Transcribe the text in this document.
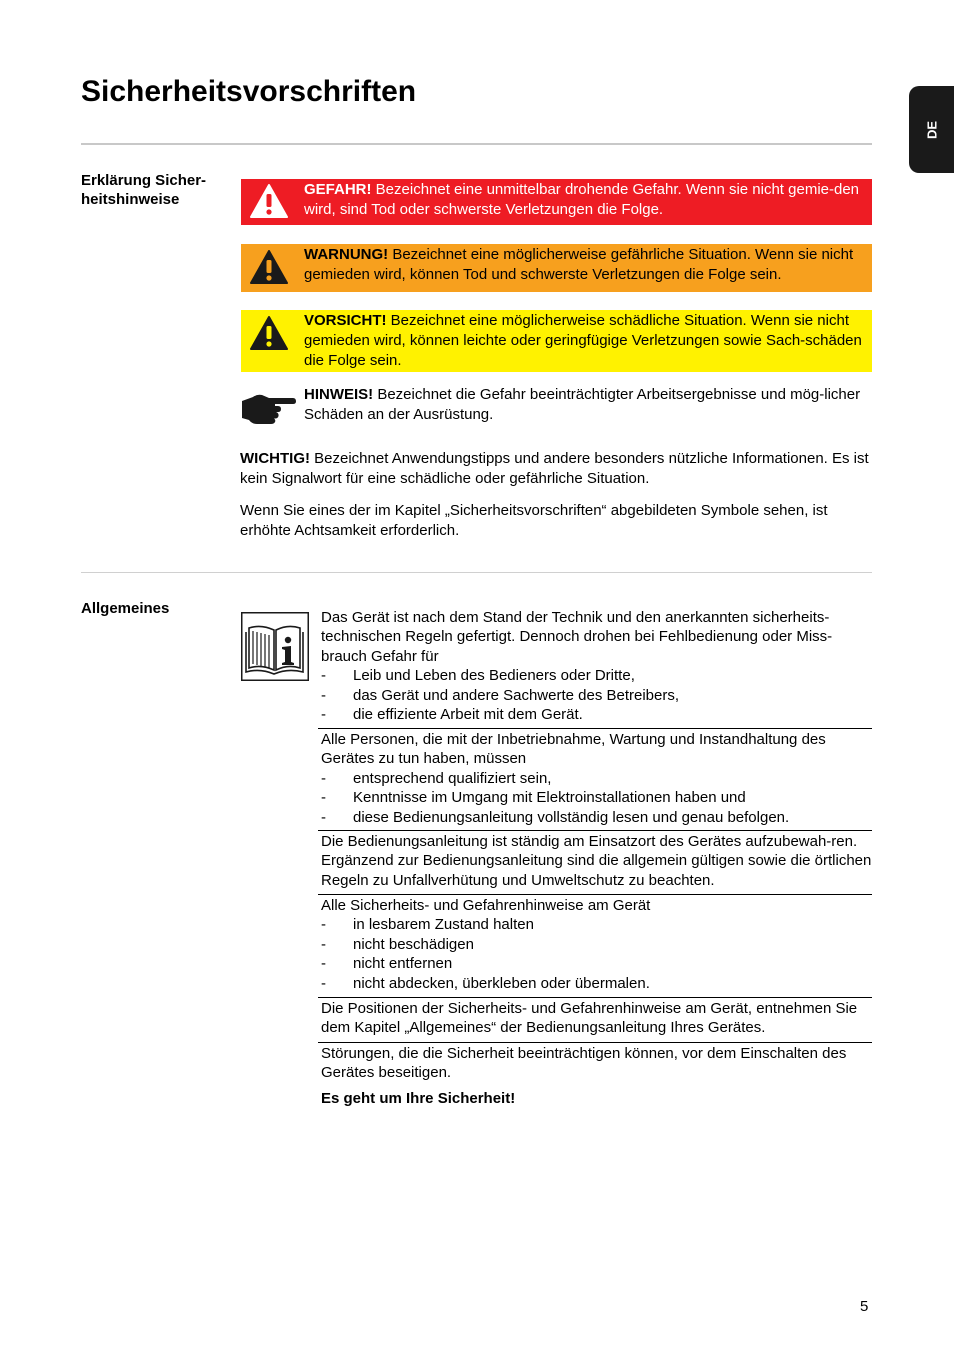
Sicherheitsvorschriften
DE
Erklärung Sicher-heitshinweise

GEFAHR! Bezeichnet eine unmittelbar drohende Gefahr. Wenn sie nicht gemie-den wird, sind Tod oder schwerste Verletzungen die Folge.

WARNUNG! Bezeichnet eine möglicherweise gefährliche Situation. Wenn sie nicht gemieden wird, können Tod und schwerste Verletzungen die Folge sein.

VORSICHT! Bezeichnet eine möglicherweise schädliche Situation. Wenn sie nicht gemieden wird, können leichte oder geringfügige Verletzungen sowie Sach-schäden die Folge sein.

HINWEIS! Bezeichnet die Gefahr beeinträchtigter Arbeitsergebnisse und mög-licher Schäden an der Ausrüstung.

WICHTIG! Bezeichnet Anwendungstipps und andere besonders nützliche Informationen. Es ist kein Signalwort für eine schädliche oder gefährliche Situation.

Wenn Sie eines der im Kapitel „Sicherheitsvorschriften“ abgebildeten Symbole sehen, ist erhöhte Achtsamkeit erforderlich.

Allgemeines

Das Gerät ist nach dem Stand der Technik und den anerkannten sicherheits-technischen Regeln gefertigt. Dennoch drohen bei Fehlbedienung oder Miss-brauch Gefahr für

- Leib und Leben des Bedieners oder Dritte,
- das Gerät und andere Sachwerte des Betreibers,
- die effiziente Arbeit mit dem Gerät.

Alle Personen, die mit der Inbetriebnahme, Wartung und Instandhaltung des Gerätes zu tun haben, müssen

- entsprechend qualifiziert sein,
- Kenntnisse im Umgang mit Elektroinstallationen haben und
- diese Bedienungsanleitung vollständig lesen und genau befolgen.

Die Bedienungsanleitung ist ständig am Einsatzort des Gerätes aufzubewah-ren. Ergänzend zur Bedienungsanleitung sind die allgemein gültigen sowie die örtlichen Regeln zu Unfallverhütung und Umweltschutz zu beachten.

Alle Sicherheits- und Gefahrenhinweise am Gerät

- in lesbarem Zustand halten
- nicht beschädigen
- nicht entfernen
- nicht abdecken, überkleben oder übermalen.

Die Positionen der Sicherheits- und Gefahrenhinweise am Gerät, entnehmen Sie dem Kapitel „Allgemeines“ der Bedienungsanleitung Ihres Gerätes.

Störungen, die die Sicherheit beeinträchtigen können, vor dem Einschalten des Gerätes beseitigen.

Es geht um Ihre Sicherheit!

5
